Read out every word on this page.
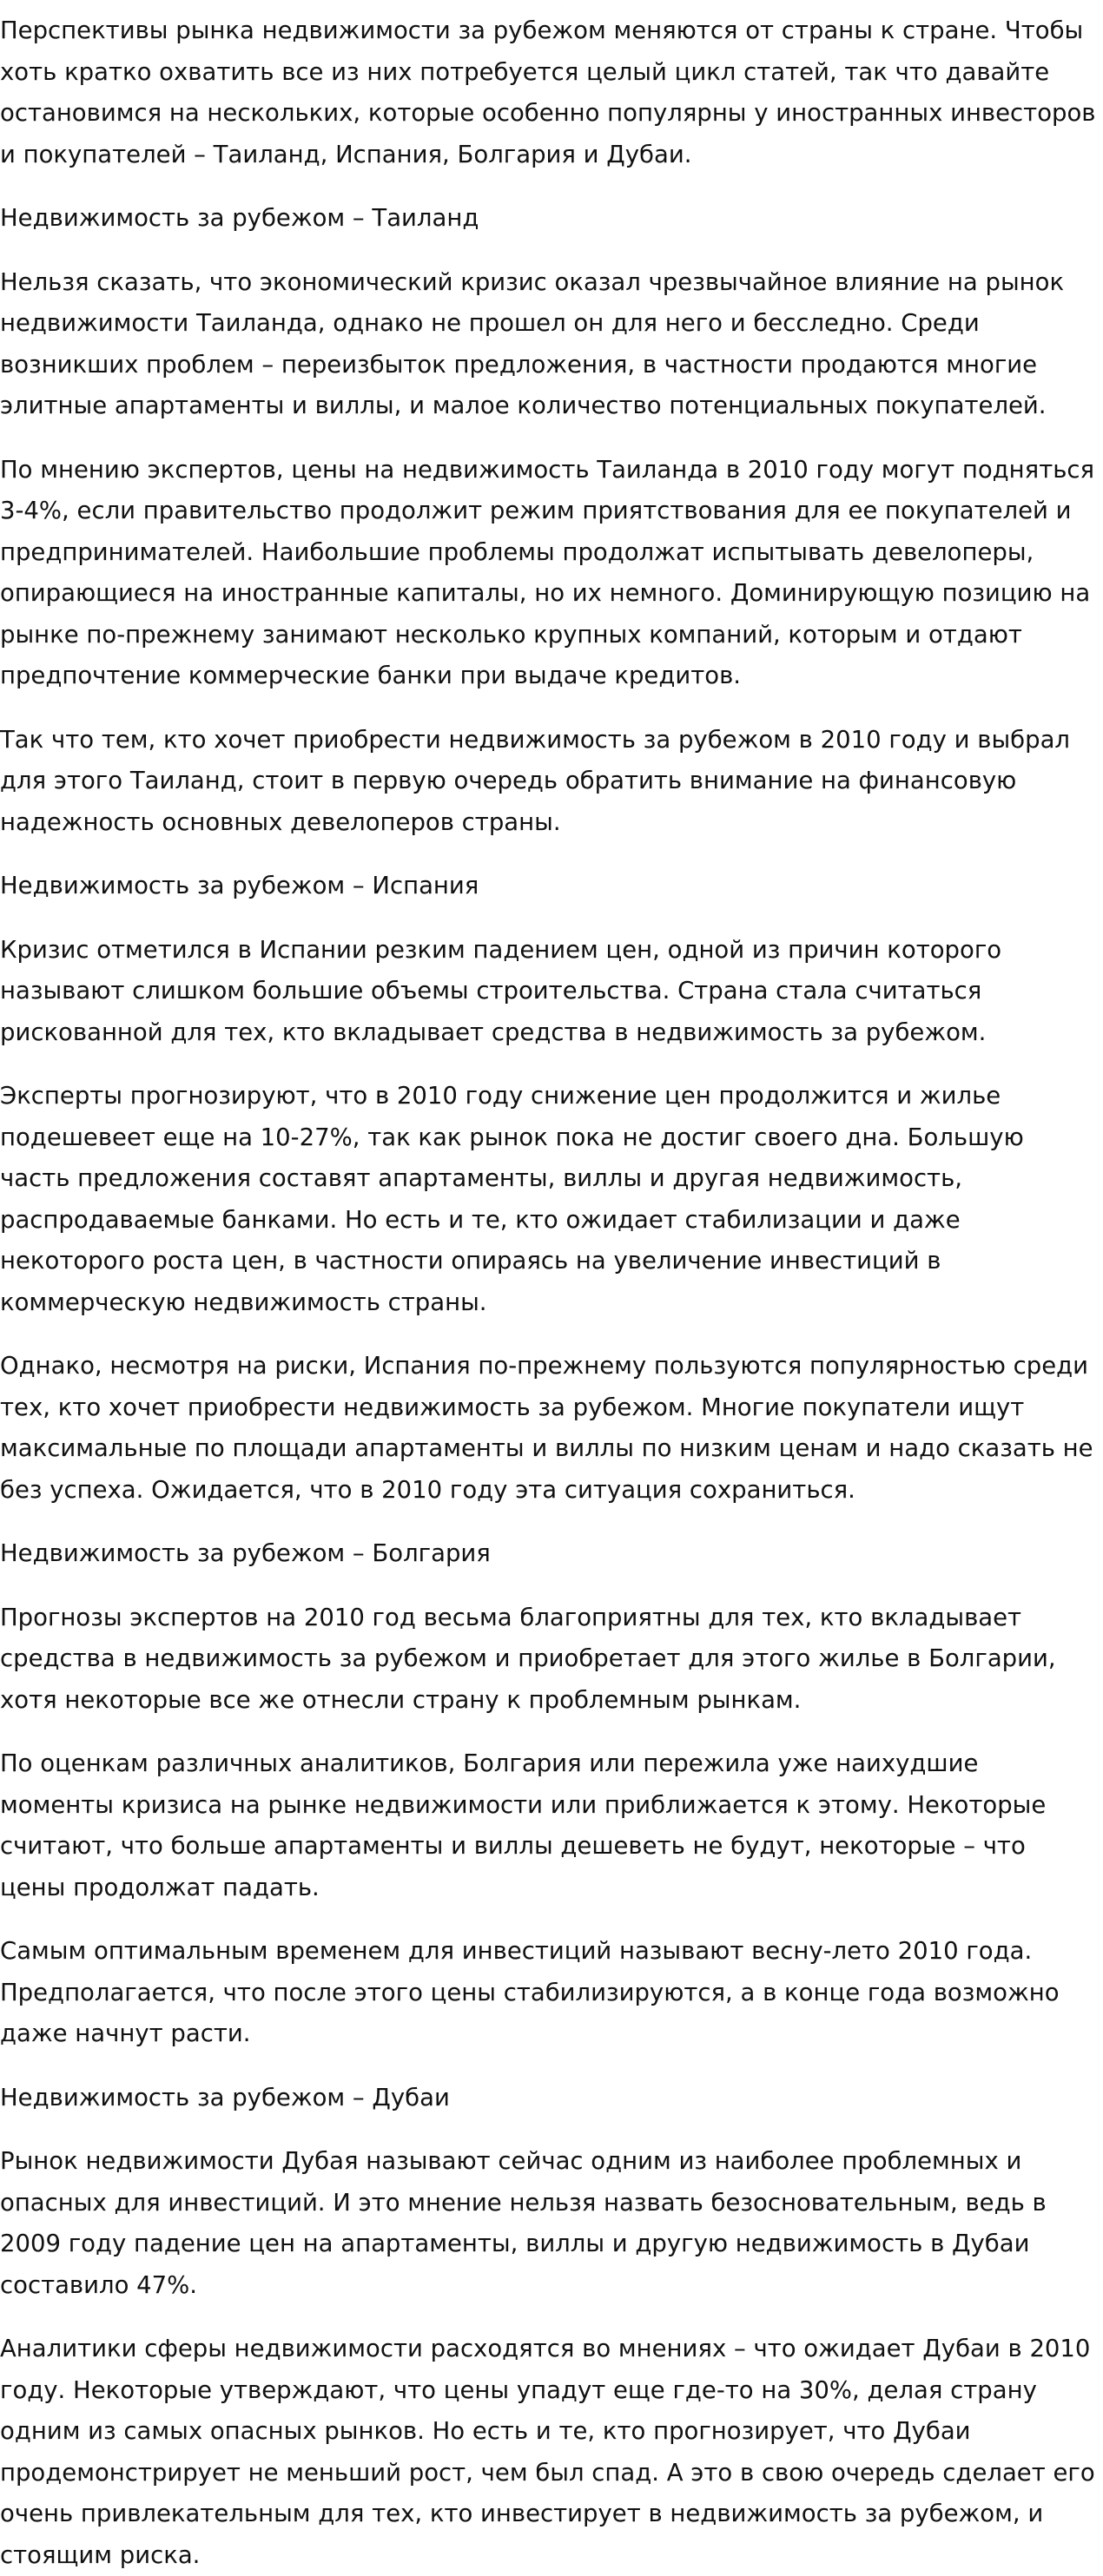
Перспективы рынка недвижимости за рубежом меняются от страны к стране. Чтобы хоть кратко охватить все из них потребуется целый цикл статей, так что давайте остановимся на нескольких, которые особенно популярны у иностранных инвесторов и покупателей – Таиланд, Испания, Болгария и Дубаи.

Недвижимость за рубежом – Таиланд

Нельзя сказать, что экономический кризис оказал чрезвычайное влияние на рынок недвижимости Таиланда, однако не прошел он для него и бесследно. Среди возникших проблем – переизбыток предложения, в частности продаются многие элитные апартаменты и виллы, и малое количество потенциальных покупателей.

По мнению экспертов, цены на недвижимость Таиланда в 2010 году могут подняться 3-4%, если правительство продолжит режим приятствования для ее покупателей и предпринимателей. Наибольшие проблемы продолжат испытывать девелоперы, опирающиеся на иностранные капиталы, но их немного. Доминирующую позицию на рынке по-прежнему занимают несколько крупных компаний, которым и отдают предпочтение коммерческие банки при выдаче кредитов.

Так что тем, кто хочет приобрести недвижимость за рубежом в 2010 году и выбрал для этого Таиланд, стоит в первую очередь обратить внимание на финансовую надежность основных девелоперов страны.

Недвижимость за рубежом – Испания

Кризис отметился в Испании резким падением цен, одной из причин которого называют слишком большие объемы строительства. Страна стала считаться рискованной для тех, кто вкладывает средства в недвижимость за рубежом.

Эксперты прогнозируют, что в 2010 году снижение цен продолжится и жилье подешевеет еще на 10-27%, так как рынок пока не достиг своего дна. Большую часть предложения составят апартаменты, виллы и другая недвижимость, распродаваемые банками. Но есть и те, кто ожидает стабилизации и даже некоторого роста цен, в частности опираясь на увеличение инвестиций в коммерческую недвижимость страны.

Однако, несмотря на риски, Испания по-прежнему пользуются популярностью среди тех, кто хочет приобрести недвижимость за рубежом. Многие покупатели ищут максимальные по площади апартаменты и виллы по низким ценам и надо сказать не без успеха. Ожидается, что в 2010 году эта ситуация сохраниться.

Недвижимость за рубежом – Болгария

Прогнозы экспертов на 2010 год весьма благоприятны для тех, кто вкладывает средства в недвижимость за рубежом и приобретает для этого жилье в Болгарии, хотя некоторые все же отнесли страну к проблемным рынкам.

По оценкам различных аналитиков, Болгария или пережила уже наихудшие моменты кризиса на рынке недвижимости или приближается к этому. Некоторые считают, что больше апартаменты и виллы дешеветь не будут, некоторые – что цены продолжат падать.

Самым оптимальным временем для инвестиций называют весну-лето 2010 года. Предполагается, что после этого цены стабилизируются, а в конце года возможно даже начнут расти.

Недвижимость за рубежом – Дубаи

Рынок недвижимости Дубая называют сейчас одним из наиболее проблемных и опасных для инвестиций. И это мнение нельзя назвать безосновательным, ведь в 2009 году падение цен на апартаменты, виллы и другую недвижимость в Дубаи составило 47%.

Аналитики сферы недвижимости расходятся во мнениях – что ожидает Дубаи в 2010 году. Некоторые утверждают, что цены упадут еще где-то на 30%, делая страну одним из самых опасных рынков. Но есть и те, кто прогнозирует, что Дубаи продемонстрирует не меньший рост, чем был спад. А это в свою очередь сделает его очень привлекательным для тех, кто инвестирует в недвижимость за рубежом, и стоящим риска.
